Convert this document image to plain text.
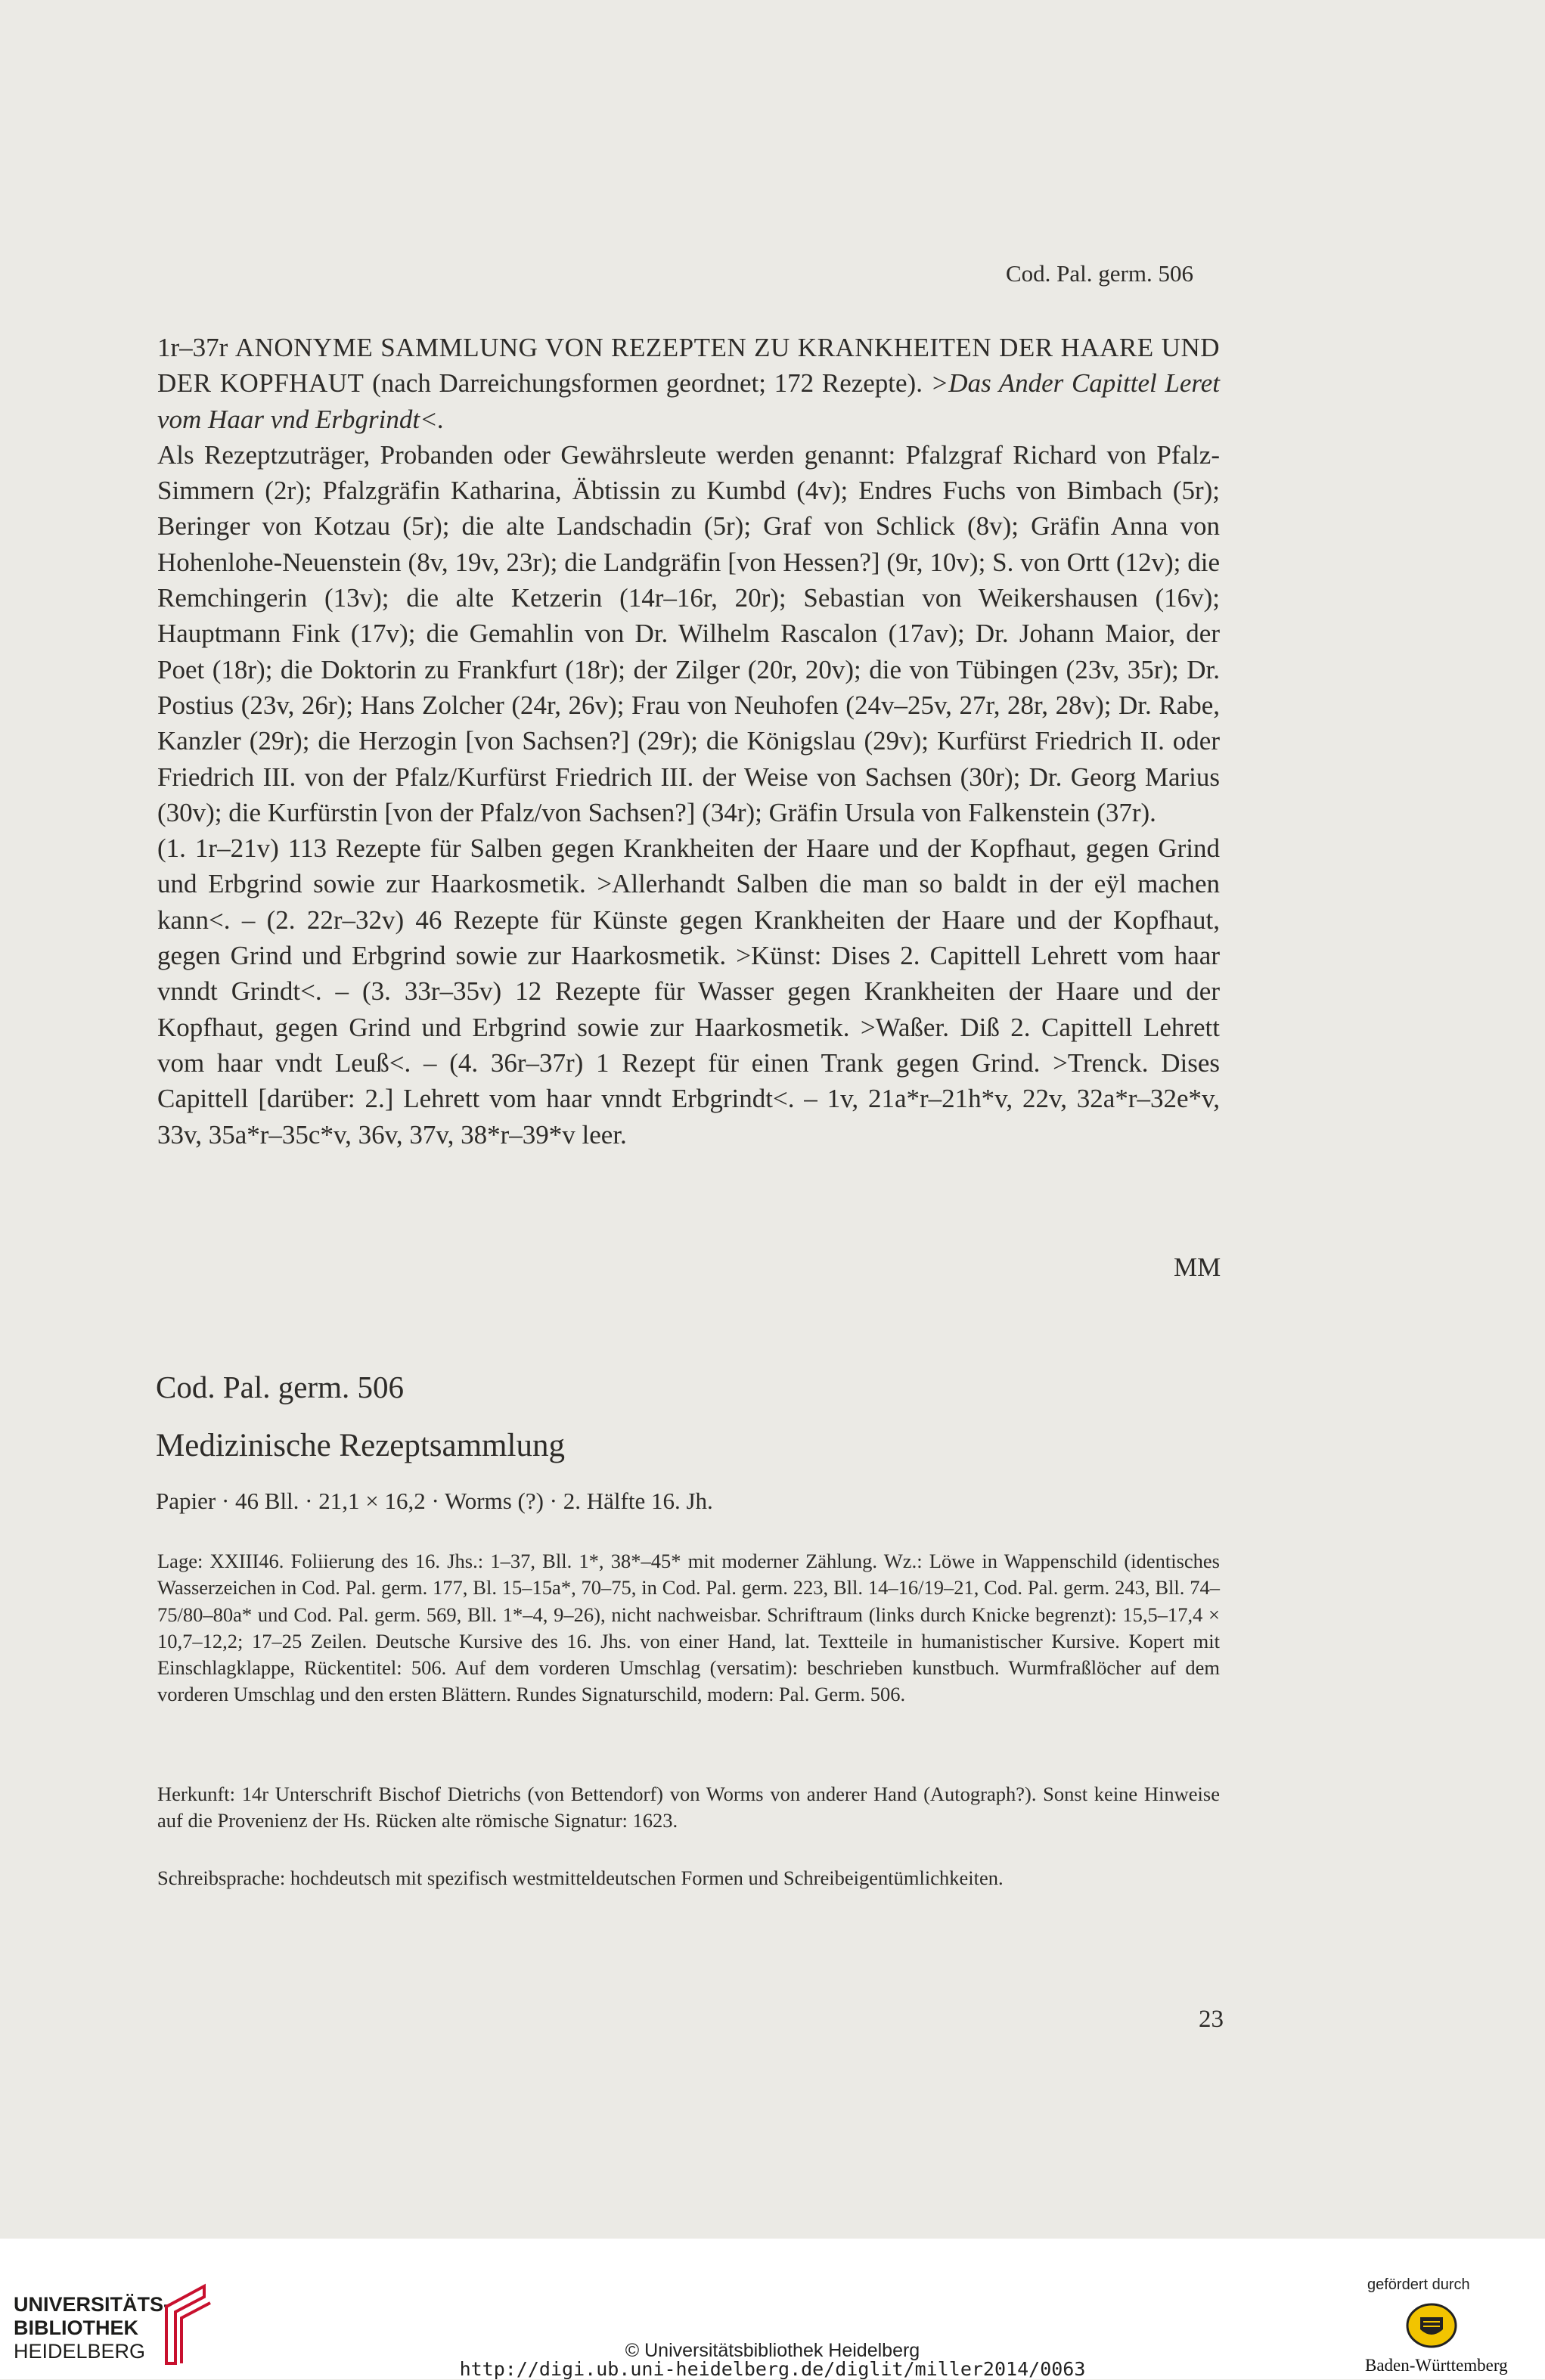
Cod. Pal. germ. 506

1r–37r ANONYME SAMMLUNG VON REZEPTEN ZU KRANKHEITEN DER HAARE UND DER KOPFHAUT (nach Darreichungsformen geordnet; 172 Rezepte). >Das Ander Capittel Leret vom Haar vnd Erbgrindt<.

Als Rezeptzuträger, Probanden oder Gewährsleute werden genannt: Pfalzgraf Richard von Pfalz-Simmern (2r); Pfalzgräfin Katharina, Äbtissin zu Kumbd (4v); Endres Fuchs von Bimbach (5r); Beringer von Kotzau (5r); die alte Landschadin (5r); Graf von Schlick (8v); Gräfin Anna von Hohenlohe-Neuenstein (8v, 19v, 23r); die Landgräfin [von Hessen?] (9r, 10v); S. von Ortt (12v); die Remchingerin (13v); die alte Ketzerin (14r–16r, 20r); Sebastian von Weikershausen (16v); Hauptmann Fink (17v); die Gemahlin von Dr. Wilhelm Rascalon (17av); Dr. Johann Maior, der Poet (18r); die Doktorin zu Frankfurt (18r); der Zilger (20r, 20v); die von Tübingen (23v, 35r); Dr. Postius (23v, 26r); Hans Zolcher (24r, 26v); Frau von Neuhofen (24v–25v, 27r, 28r, 28v); Dr. Rabe, Kanzler (29r); die Herzogin [von Sachsen?] (29r); die Königslau (29v); Kurfürst Friedrich II. oder Friedrich III. von der Pfalz/Kurfürst Friedrich III. der Weise von Sachsen (30r); Dr. Georg Marius (30v); die Kurfürstin [von der Pfalz/von Sachsen?] (34r); Gräfin Ursula von Falkenstein (37r).

(1. 1r–21v) 113 Rezepte für Salben gegen Krankheiten der Haare und der Kopfhaut, gegen Grind und Erbgrind sowie zur Haarkosmetik. >Allerhandt Salben die man so baldt in der eÿl machen kann<. – (2. 22r–32v) 46 Rezepte für Künste gegen Krankheiten der Haare und der Kopfhaut, gegen Grind und Erbgrind sowie zur Haarkosmetik. >Künst: Dises 2. Capittell Lehrett vom haar vnndt Grindt<. – (3. 33r–35v) 12 Rezepte für Wasser gegen Krankheiten der Haare und der Kopfhaut, gegen Grind und Erbgrind sowie zur Haarkosmetik. >Waßer. Diß 2. Capittell Lehrett vom haar vndt Leuß<. – (4. 36r–37r) 1 Rezept für einen Trank gegen Grind. >Trenck. Dises Capittell [darüber: 2.] Lehrett vom haar vnndt Erbgrindt<. – 1v, 21a*r–21h*v, 22v, 32a*r–32e*v, 33v, 35a*r–35c*v, 36v, 37v, 38*r–39*v leer.

MM
Cod. Pal. germ. 506
Medizinische Rezeptsammlung
Papier · 46 Bll. · 21,1 × 16,2 · Worms (?) · 2. Hälfte 16. Jh.
Lage: XXIII46. Foliierung des 16. Jhs.: 1–37, Bll. 1*, 38*–45* mit moderner Zählung. Wz.: Löwe in Wappenschild (identisches Wasserzeichen in Cod. Pal. germ. 177, Bl. 15–15a*, 70–75, in Cod. Pal. germ. 223, Bll. 14–16/19–21, Cod. Pal. germ. 243, Bll. 74–75/80–80a* und Cod. Pal. germ. 569, Bll. 1*–4, 9–26), nicht nachweisbar. Schriftraum (links durch Knicke begrenzt): 15,5–17,4 × 10,7–12,2; 17–25 Zeilen. Deutsche Kursive des 16. Jhs. von einer Hand, lat. Textteile in humanistischer Kursive. Kopert mit Einschlagklappe, Rückentitel: 506. Auf dem vorderen Umschlag (versatim): beschrieben kunstbuch. Wurmfraßlöcher auf dem vorderen Umschlag und den ersten Blättern. Rundes Signaturschild, modern: Pal. Germ. 506.
Herkunft: 14r Unterschrift Bischof Dietrichs (von Bettendorf) von Worms von anderer Hand (Autograph?). Sonst keine Hinweise auf die Provenienz der Hs. Rücken alte römische Signatur: 1623.
Schreibsprache: hochdeutsch mit spezifisch westmitteldeutschen Formen und Schreibeigentümlichkeiten.
23
UNIVERSITÄTS-
BIBLIOTHEK
HEIDELBERG	© Universitätsbibliothek Heidelberg
http://digi.ub.uni-heidelberg.de/diglit/miller2014/0063
gefördert durch
Baden-Württemberg
